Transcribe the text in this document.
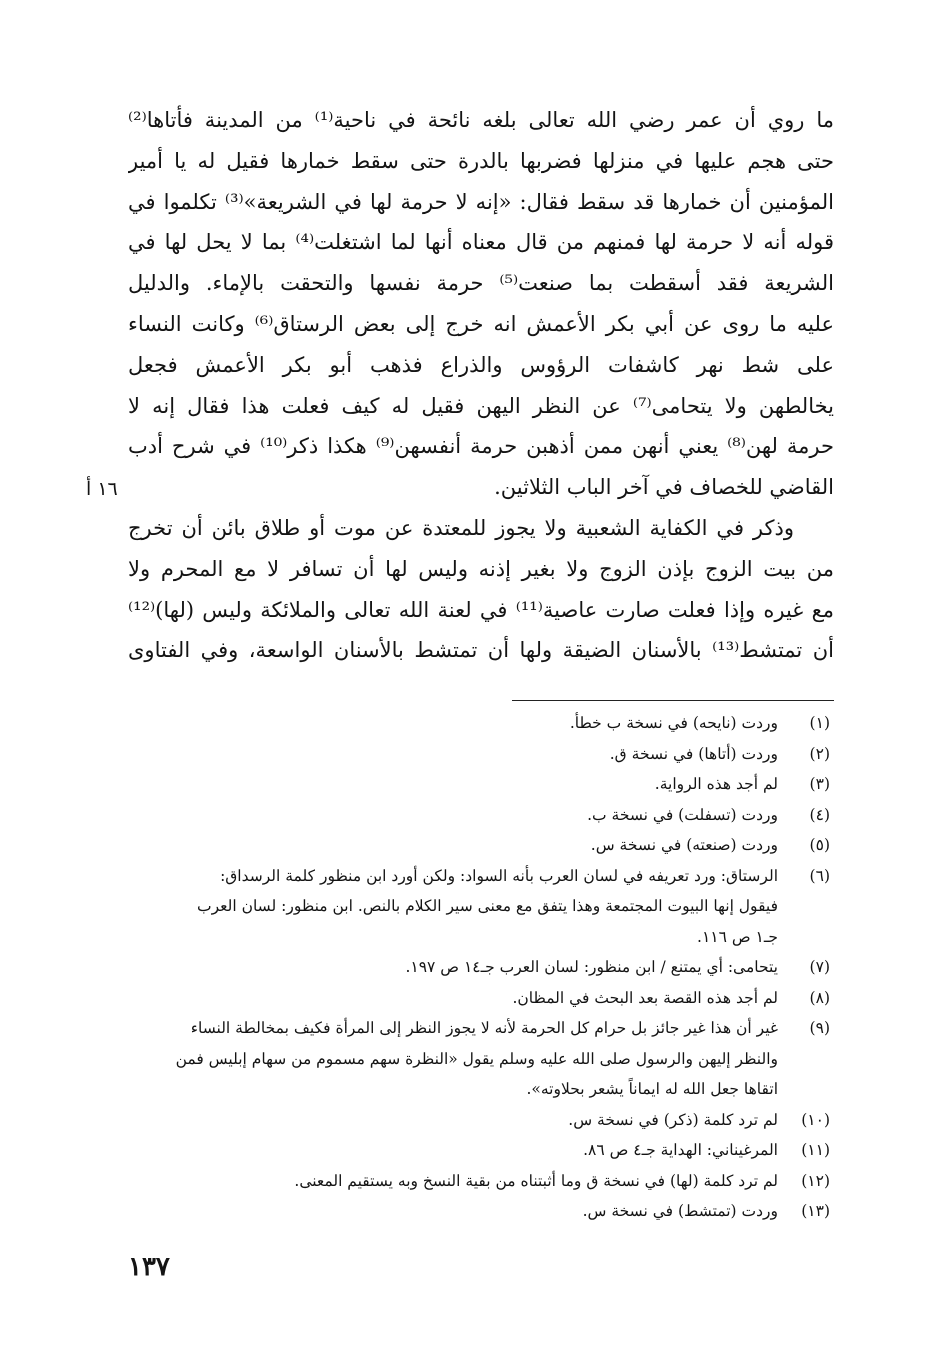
ما روي أن عمر رضي الله تعالى بلغه نائحة في ناحية⁽¹⁾ من المدينة فأتاها⁽²⁾
حتى هجم عليها في منزلها فضربها بالدرة حتى سقط خمارها فقيل له يا أمير
المؤمنين أن خمارها قد سقط فقال: «إنه لا حرمة لها في الشريعة»⁽³⁾ تكلموا في
قوله أنه لا حرمة لها فمنهم من قال معناه أنها لما اشتغلت⁽⁴⁾ بما لا يحل لها في
الشريعة فقد أسقطت بما صنعت⁽⁵⁾ حرمة نفسها والتحقت بالإماء. والدليل
عليه ما روى عن أبي بكر الأعمش انه خرج إلى بعض الرستاق⁽⁶⁾ وكانت النساء
على شط نهر كاشفات الرؤوس والذراع فذهب أبو بكر الأعمش فجعل
يخالطهن ولا يتحامى⁽⁷⁾ عن النظر اليهن فقيل له كيف فعلت هذا فقال إنه لا
حرمة لهن⁽⁸⁾ يعني أنهن ممن أذهبن حرمة أنفسهن⁽⁹⁾ هكذا ذكر⁽¹⁰⁾ في شرح أدب
القاضي للخصاف في آخر الباب الثلاثين.
وذكر في الكفاية الشعبية ولا يجوز للمعتدة عن موت أو طلاق بائن أن تخرج
من بيت الزوج بإذن الزوج ولا بغير إذنه وليس لها أن تسافر لا مع المحرم ولا
مع غيره وإذا فعلت صارت عاصية⁽¹¹⁾ في لعنة الله تعالى والملائكة وليس (لها)⁽¹²⁾
أن تمتشط⁽¹³⁾ بالأسنان الضيقة ولها أن تمتشط بالأسنان الواسعة، وفي الفتاوى
١٦ أ
(١)وردت (نايحه) في نسخة ب خطأ.
(٢)وردت (أتاها) في نسخة ق.
(٣)لم أجد هذه الرواية.
(٤)وردت (تسفلت) في نسخة ب.
(٥)وردت (صنعته) في نسخة س.
(٦)الرستاق: ورد تعريفه في لسان العرب بأنه السواد: ولكن أورد ابن منظور كلمة الرسداق:
فيقول إنها البيوت المجتمعة وهذا يتفق مع معنى سير الكلام بالنص. ابن منظور: لسان العرب
جـ١ ص ١١٦.
(٧)يتحامى: أي يمتنع / ابن منظور: لسان العرب جـ١٤ ص ١٩٧.
(٨)لم أجد هذه القصة بعد البحث في المظان.
(٩)غير أن هذا غير جائز بل حرام كل الحرمة لأنه لا يجوز النظر إلى المرأة فكيف بمخالطة النساء
والنظر إليهن والرسول صلى الله عليه وسلم يقول «النظرة سهم مسموم من سهام إبليس فمن
اتقاها جعل الله له ايماناً يشعر بحلاوته».
(١٠)لم ترد كلمة (ذكر) في نسخة س.
(١١)المرغيناني: الهداية جـ٤ ص ٨٦.
(١٢)لم ترد كلمة (لها) في نسخة ق وما أثبتناه من بقية النسخ وبه يستقيم المعنى.
(١٣)وردت (تمتشط) في نسخة س.
١٣٧
